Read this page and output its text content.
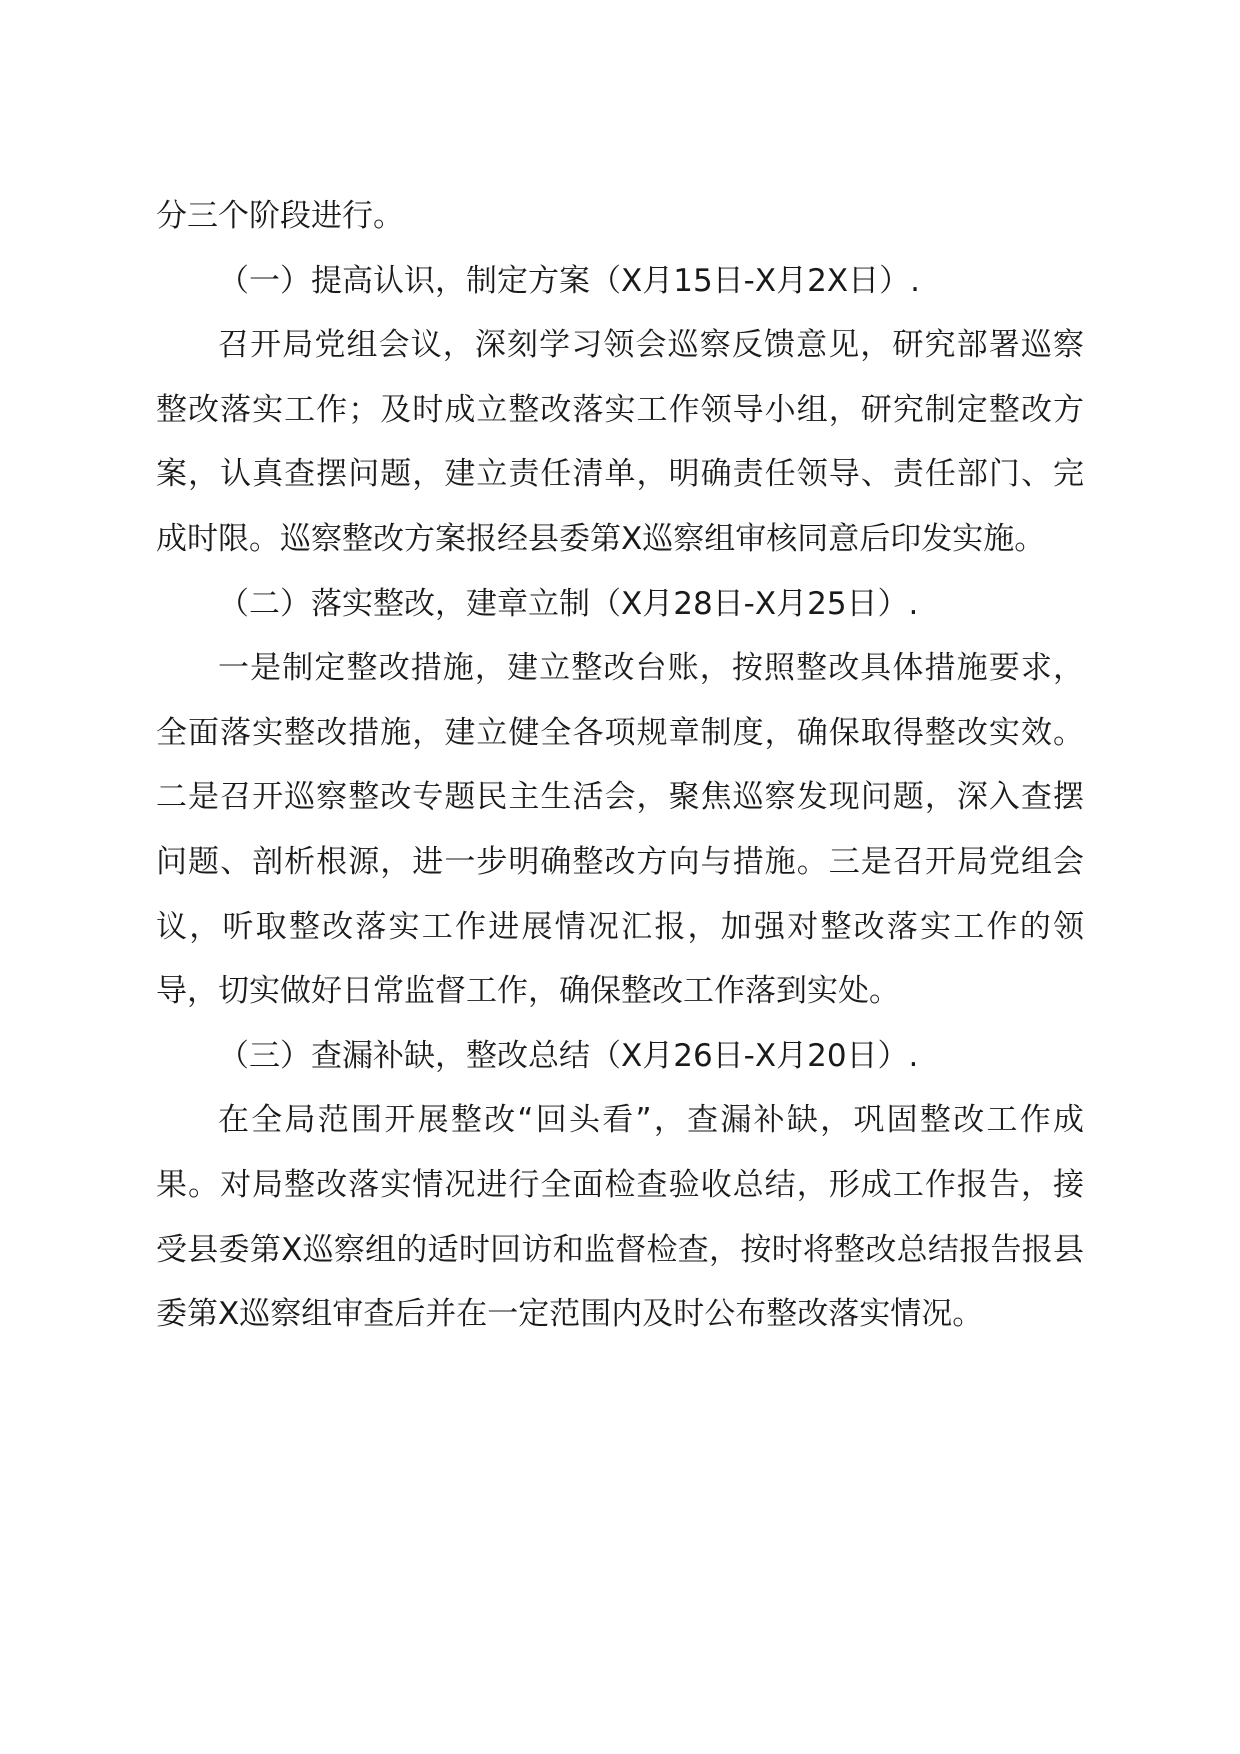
分三个阶段进行。

（一）提高认识，制定方案（X月15日-X月2X日）.

召开局党组会议，深刻学习领会巡察反馈意见，研究部署巡察整改落实工作；及时成立整改落实工作领导小组，研究制定整改方案，认真查摆问题，建立责任清单，明确责任领导、责任部门、完成时限。巡察整改方案报经县委第X巡察组审核同意后印发实施。

（二）落实整改，建章立制（X月28日-X月25日）.

一是制定整改措施，建立整改台账，按照整改具体措施要求，全面落实整改措施，建立健全各项规章制度，确保取得整改实效。二是召开巡察整改专题民主生活会，聚焦巡察发现问题，深入查摆问题、剖析根源，进一步明确整改方向与措施。三是召开局党组会议，听取整改落实工作进展情况汇报，加强对整改落实工作的领导，切实做好日常监督工作，确保整改工作落到实处。

（三）查漏补缺，整改总结（X月26日-X月20日）.

在全局范围开展整改“回头看”，查漏补缺，巩固整改工作成果。对局整改落实情况进行全面检查验收总结，形成工作报告，接受县委第X巡察组的适时回访和监督检查，按时将整改总结报告报县委第X巡察组审查后并在一定范围内及时公布整改落实情况。
